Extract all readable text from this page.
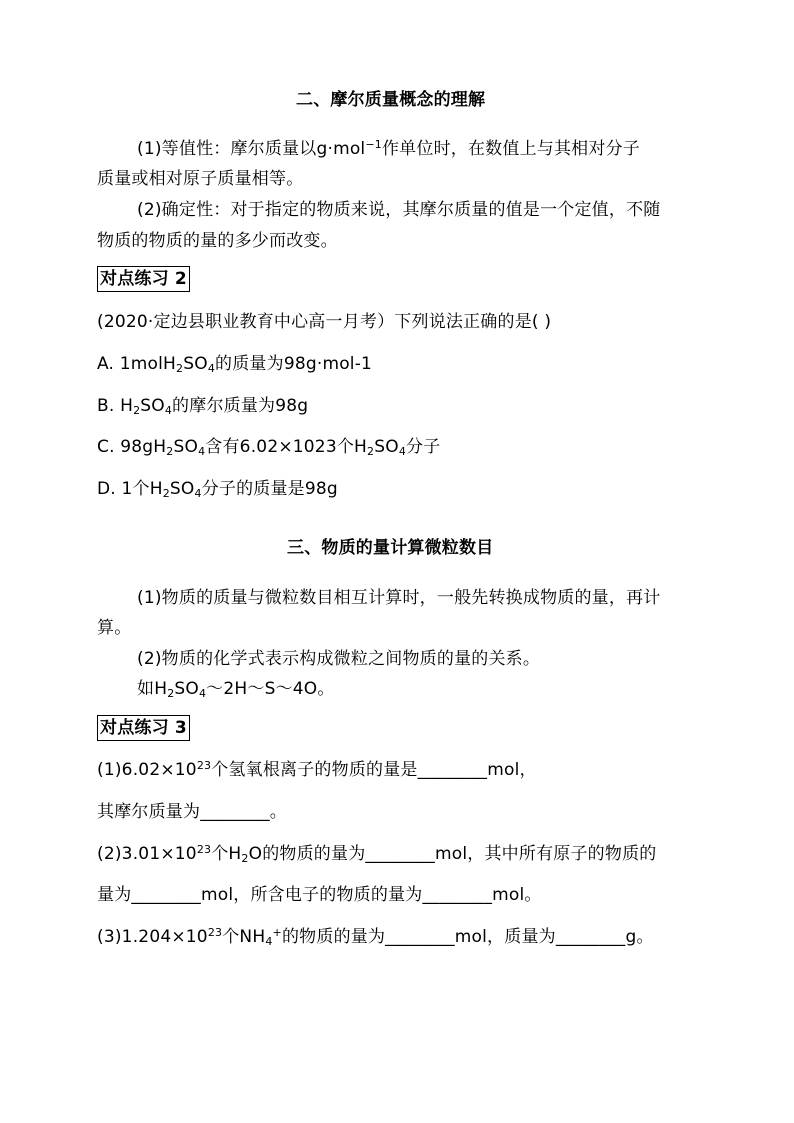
二、摩尔质量概念的理解
(1)等值性：摩尔质量以g·mol$^{-1}$作单位时，在数值上与其相对分子
质量或相对原子质量相等。
(2)确定性：对于指定的物质来说，其摩尔质量的值是一个定值，不随
物质的物质的量的多少而改变。
对点练习 2
(2020·定边县职业教育中心高一月考）下列说法正确的是( )
A. $1molH_2SO_4$的质量为98g·mol-1
B. $H_2SO_4$的摩尔质量为98g
C. $98gH_2SO_4$含有6.02×1023个$H_2SO_4$分子
D. 1个$H_2SO_4$分子的质量是98g
三、物质的量计算微粒数目
(1)物质的质量与微粒数目相互计算时，一般先转换成物质的量，再计
算。
(2)物质的化学式表示构成微粒之间物质的量的关系。
如$H_2SO_4\sim 2H\sim S\sim 4O$。
对点练习 3
$(1)6.02\times 10^{23}$个氢氧根离子的物质的量是________mol，
其摩尔质量为________。
$(2)3.01\times 10^{23}$个$H_2O$的物质的量为________mol，其中所有原子的物质的
量为________mol，所含电子的物质的量为________mol。
$(3)1.204\times 10^{23}$个$NH_4^+$的物质的量为________mol，质量为________g。
